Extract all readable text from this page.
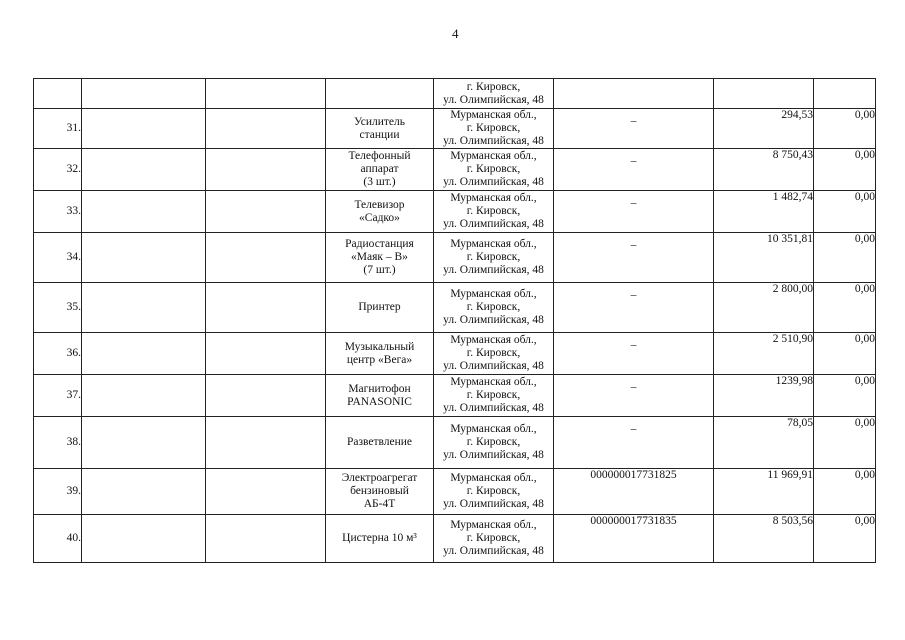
4
				г. Кировск,
ул. Олимпийская, 48			
31.			Усилитель
станции	Мурманская обл.,
г. Кировск,
ул. Олимпийская, 48	–	294,53	0,00
32.			Телефонный
аппарат
(3 шт.)	Мурманская обл.,
г. Кировск,
ул. Олимпийская, 48	–	8 750,43	0,00
33.			Телевизор
«Садко»	Мурманская обл.,
г. Кировск,
ул. Олимпийская, 48	–	1 482,74	0,00
34.			Радиостанция
«Маяк – В»
(7 шт.)	Мурманская обл.,
г. Кировск,
ул. Олимпийская, 48	–	10 351,81	0,00
35.			Принтер	Мурманская обл.,
г. Кировск,
ул. Олимпийская, 48	–	2 800,00	0,00
36.			Музыкальный
центр «Вега»	Мурманская обл.,
г. Кировск,
ул. Олимпийская, 48	–	2 510,90	0,00
37.			Магнитофон
PANASONIC	Мурманская обл.,
г. Кировск,
ул. Олимпийская, 48	–	1239,98	0,00
38.			Разветвление	Мурманская обл.,
г. Кировск,
ул. Олимпийская, 48	–	78,05	0,00
39.			Электроагрегат
бензиновый
АБ-4Т	Мурманская обл.,
г. Кировск,
ул. Олимпийская, 48	000000017731825	11 969,91	0,00
40.			Цистерна 10 м³	Мурманская обл.,
г. Кировск,
ул. Олимпийская, 48	000000017731835	8 503,56	0,00
